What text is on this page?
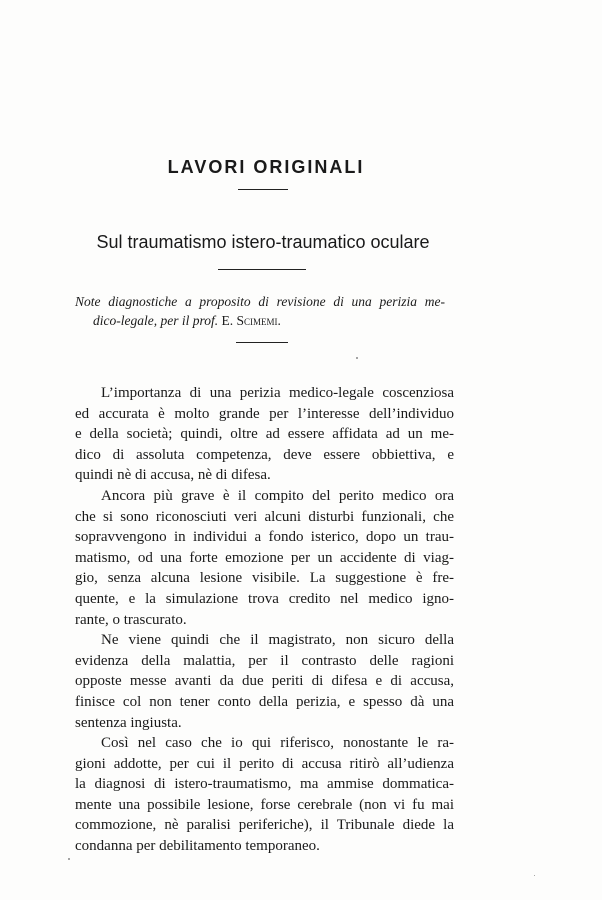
LAVORI ORIGINALI
Sul traumatismo istero-traumatico oculare
Note diagnostiche a proposito di revisione di una perizia me-
dico-legale, per il prof. E. Scimemi.
L’importanza di una perizia medico-legale coscenziosa
ed accurata è molto grande per l’interesse dell’individuo
e della società; quindi, oltre ad essere affidata ad un me-
dico di assoluta competenza, deve essere obbiettiva, e
quindi nè di accusa, nè di difesa.
Ancora più grave è il compito del perito medico ora
che si sono riconosciuti veri alcuni disturbi funzionali, che
sopravvengono in individui a fondo isterico, dopo un trau-
matismo, od una forte emozione per un accidente di viag-
gio, senza alcuna lesione visibile. La suggestione è fre-
quente, e la simulazione trova credito nel medico igno-
rante, o trascurato.
Ne viene quindi che il magistrato, non sicuro della
evidenza della malattia, per il contrasto delle ragioni
opposte messe avanti da due periti di difesa e di accusa,
finisce col non tener conto della perizia, e spesso dà una
sentenza ingiusta.
Così nel caso che io qui riferisco, nonostante le ra-
gioni addotte, per cui il perito di accusa ritirò all’udienza
la diagnosi di istero-traumatismo, ma ammise dommatica-
mente una possibile lesione, forse cerebrale (non vi fu mai
commozione, nè paralisi periferiche), il Tribunale diede la
condanna per debilitamento temporaneo.
